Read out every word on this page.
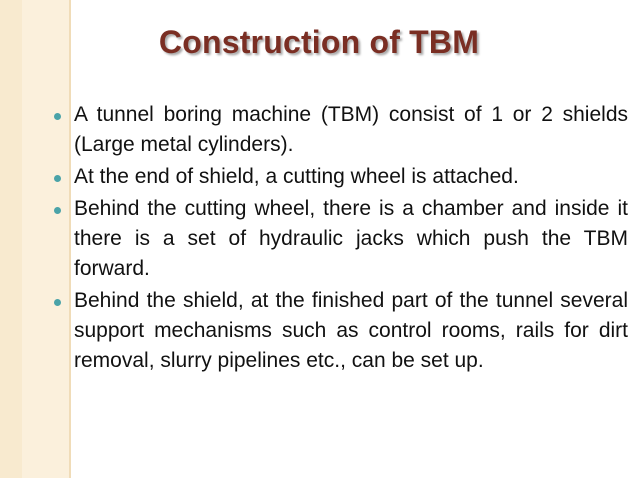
Construction of TBM
A tunnel boring machine (TBM) consist of 1 or 2 shields (Large metal cylinders).
At the end of shield, a cutting wheel is attached.
Behind the cutting wheel, there is a chamber and inside it there is a set of hydraulic jacks which push the TBM forward.
Behind the shield, at the finished part of the tunnel several support mechanisms such as control rooms, rails for dirt removal, slurry pipelines etc., can be set up.
